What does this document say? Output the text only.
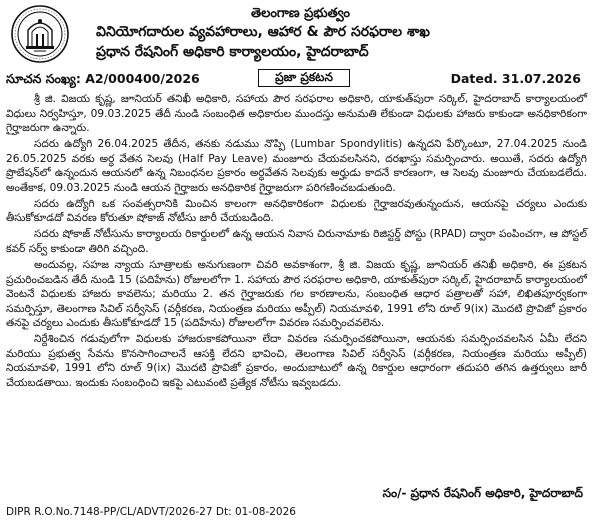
తెలంగాణ ప్రభుత్వం
వినియోగదారుల వ్యవహారాలు, ఆహార & పౌర సరఫరాల శాఖ
ప్రధాన రేషనింగ్ అధికారి కార్యాలయం, హైదరాబాద్
సూచన సంఖ్య: A2/000400/2026	ప్రజా ప్రకటన	Dated. 31.07.2026

శ్రీ జి. విజయ కృష్ణ, జూనియర్ తనిఖీ అధికారి, సహాయ పౌర సరఫరాల అధికారి, యాకుత్‌పురా సర్కిల్, హైదరాబాద్ కార్యాలయంలో విధులు నిర్వహిస్తూ, 09.03.2025 తేదీ నుండి సంబంధిత అధికారుల ముందస్తు అనుమతి లేకుండా విధులకు హాజరు కాకుండా అనధికారికంగా గైర్హాజరుగా ఉన్నారు.

సదరు ఉద్యోగి 26.04.2025 తేదీన, తనకు నడుము నొప్పి (Lumbar Spondylitis) ఉన్నదని పేర్కొంటూ, 27.04.2025 నుండి 26.05.2025 వరకు అర్ధ వేతన సెలవు (Half Pay Leave) మంజూరు చేయవలసినని, దరఖాస్తు సమర్పించారు. అయితే, సదరు ఉద్యోగి ప్రొబేషన్‌లో ఉన్నందున ఆయనలో ఉన్న నిబంధనల ప్రకారం అర్ధవేతన సెలవుకు అర్హుడు కాదనే కారణంగా, ఆ సెలవు మంజూరు చేయబడలేదు. అంతేకాక, 09.03.2025 నుండి ఆయన గైర్హాజరు అనధికారిక గైర్హాజరుగా పరిగణించబడుతుంది.

సదరు ఉద్యోగి ఒక సంవత్సరానికి మించిన కాలంగా అనధికారికంగా విధులకు గైర్హాజరవుతున్నందున, ఆయనపై చర్యలు ఎందుకు తీసుకోకూడదో వివరణ కోరుతూ షోకాజ్ నోటీసు జారీ చేయబడింది.

సదరు షోకాజ్ నోటీసును కార్యాలయ రికార్డులలో ఉన్న ఆయన నివాస చిరునామాకు రిజిస్టర్డ్ పోస్టు (RPAD) ద్వారా పంపించగా, ఆ పోస్టల్ కవర్ సర్వ్ కాకుండా తిరిగి వచ్చింది.

అందువల్ల, సహజ న్యాయ సూత్రాలకు అనుగుణంగా చివరి అవకాశంగా, శ్రీ జి. విజయ కృష్ణ, జూనియర్ తనిఖీ అధికారి, ఈ ప్రకటన ప్రచురించబడిన తేదీ నుండి 15 (పదిహేను) రోజులలోగా 1. సహాయ పౌర సరఫరాల అధికారి, యాకుత్‌పురా సర్కిల్, హైదరాబాద్ కార్యాలయంలో వెంటనే విధులకు హాజరు కావలెను; మరియు 2. తన గైర్హాజరుకు గల కారణాలను, సంబంధిత ఆధార పత్రాలతో సహా, లిఖితపూర్వకంగా సమర్పిస్తూ, తెలంగాణ సివిల్ సర్వీసెస్ (వర్గీకరణ, నియంత్రణ మరియు అప్పీల్) నియమావళి, 1991 లోని రూల్ 9(ix) మొదటి ప్రొవిజో ప్రకారం తనపై చర్యలు ఎందుకు తీసుకోకూడదో 15 (పదిహేను) రోజులలోగా వివరణ సమర్పించవలెను.

నిర్దేశించిన గడువులోగా విధులకు హాజరుకాకపోయినా లేదా వివరణ సమర్పించకపోయినా, ఆయనకు సమర్పించవలసిన ఏమీ లేదని మరియు ప్రభుత్వ సేవను కొనసాగించాలనే ఆసక్తి లేదని భావించి, తెలంగాణ సివిల్ సర్వీసెస్ (వర్గీకరణ, నియంత్రణ మరియు అప్పీల్) నియమావళి, 1991 లోని రూల్ 9(ix) మొదటి ప్రొవిజో ప్రకారం, అందుబాటులో ఉన్న రికార్డుల ఆధారంగా తదుపరి తగిన ఉత్తర్వులు జారీ చేయబడతాయి. ఇందుకు సంబంధించి ఇకపై ఎటువంటి ప్రత్యేక నోటీసు ఇవ్వబడదు.

సం/- ప్రధాన రేషనింగ్ అధికారి, హైదరాబాద్
DIPR R.O.No.7148-PP/CL/ADVT/2026-27 Dt: 01-08-2026
